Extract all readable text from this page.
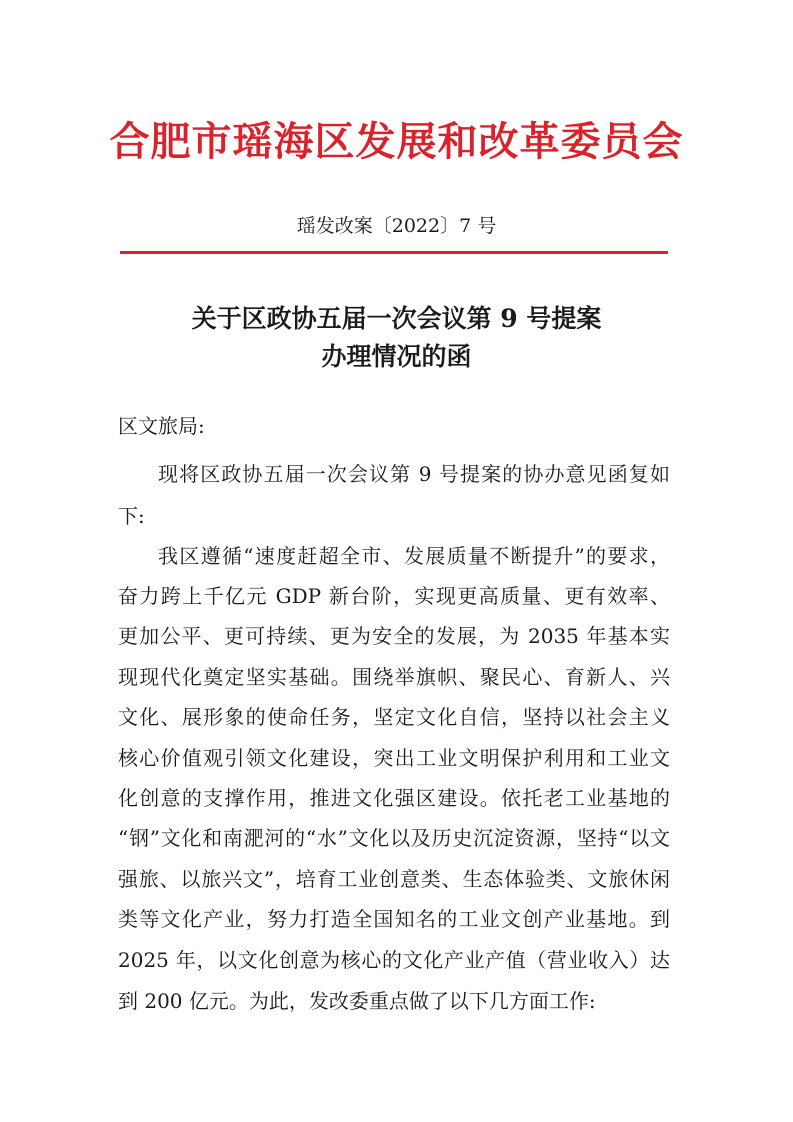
合肥市瑶海区发展和改革委员会
瑶发改案〔2022〕7 号
关于区政协五届一次会议第 9 号提案
办理情况的函
区文旅局:
现将区政协五届一次会议第 9 号提案的协办意见函复如
下:
我区遵循“速度赶超全市、发展质量不断提升”的要求，
奋力跨上千亿元 GDP 新台阶，实现更高质量、更有效率、
更加公平、更可持续、更为安全的发展，为 2035 年基本实
现现代化奠定坚实基础。围绕举旗帜、聚民心、育新人、兴
文化、展形象的使命任务，坚定文化自信，坚持以社会主义
核心价值观引领文化建设，突出工业文明保护利用和工业文
化创意的支撑作用，推进文化强区建设。依托老工业基地的
“钢”文化和南淝河的“水”文化以及历史沉淀资源，坚持“以文
强旅、以旅兴文”，培育工业创意类、生态体验类、文旅休闲
类等文化产业，努力打造全国知名的工业文创产业基地。到
2025 年，以文化创意为核心的文化产业产值（营业收入）达
到 200 亿元。为此，发改委重点做了以下几方面工作:
